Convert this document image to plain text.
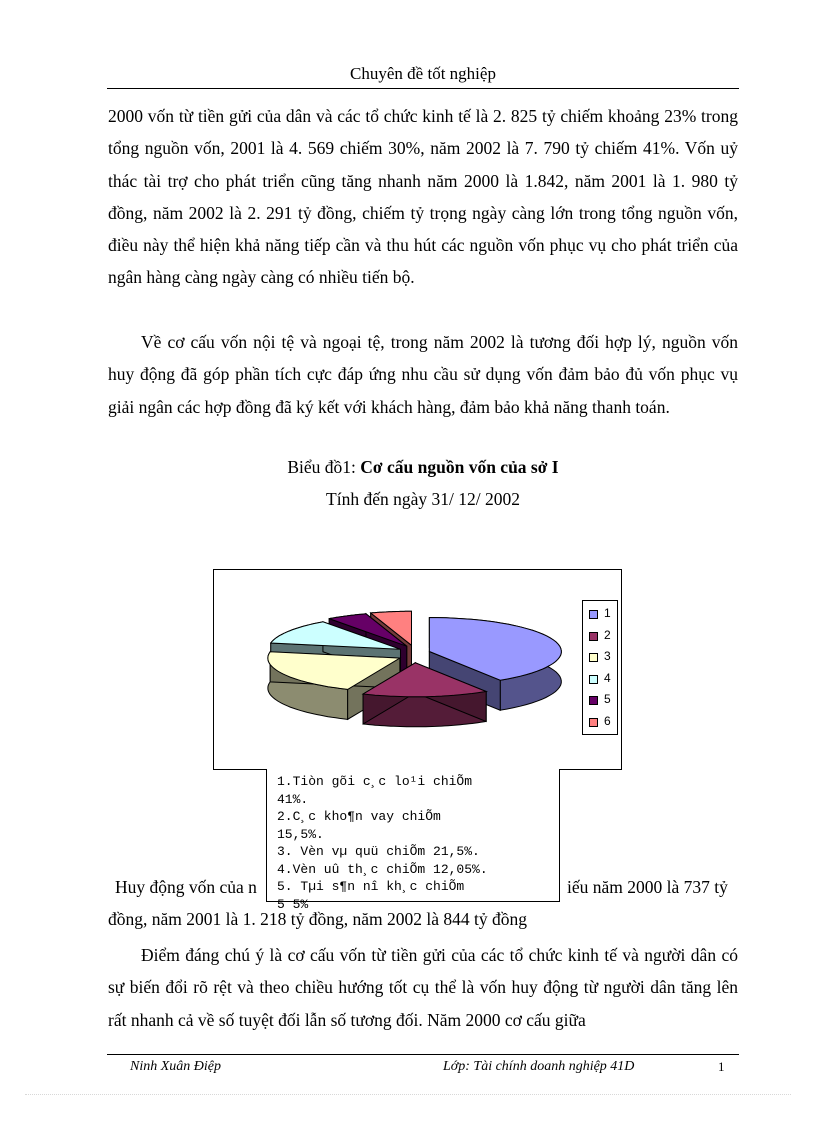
Chuyên đề tốt nghiệp

2000 vốn từ tiền gửi của dân và các tổ chức kinh tế là 2. 825 tỷ chiếm khoảng 23% trong tổng nguồn vốn, 2001 là 4. 569 chiếm 30%, năm 2002 là 7. 790 tỷ chiếm 41%. Vốn uỷ thác tài trợ cho phát triển cũng tăng nhanh năm 2000 là 1.842, năm 2001 là 1. 980 tỷ đồng, năm 2002 là 2. 291 tỷ đồng, chiếm tỷ trọng ngày càng lớn trong tổng nguồn vốn, điều này thể hiện khả năng tiếp cần và thu hút các nguồn vốn phục vụ cho phát triển của ngân hàng càng ngày càng có nhiều tiến bộ.

Về cơ cấu vốn nội tệ và ngoại tệ, trong năm 2002 là tương đối hợp lý, nguồn vốn huy động đã góp phần tích cực đáp ứng nhu cầu sử dụng vốn đảm bảo đủ vốn phục vụ giải ngân các hợp đồng đã ký kết với khách hàng, đảm bảo khả năng thanh toán.

Biểu đồ1: Cơ cấu nguồn vốn của sở I
Tính đến ngày 31/ 12/ 2002
1
2
3
4
5
6
1.Tiòn gõi c¸c lo¹i chiÕm
41%.
2.C¸c kho¶n vay chiÕm
15,5%.
3. Vèn vµ quü chiÕm 21,5%.
4.Vèn uû th¸c chiÕm 12,05%.
5. Tµi s¶n nî kh¸c chiÕm
5 5%
Huy động vốn của n	iếu năm 2000 là 737 tỷ
đồng, năm 2001 là 1. 218 tỷ đồng, năm 2002 là 844 tỷ đồng

Điểm đáng chú ý là cơ cấu vốn từ tiền gửi của các tổ chức kinh tế và người dân có sự biến đổi rõ rệt và theo chiều hướng tốt cụ thể là vốn huy động từ người dân tăng lên rất nhanh cả về số tuyệt đối lẫn số tương đối. Năm 2000 cơ cấu giữa

Ninh Xuân Điệp	Lớp: Tài chính doanh nghiệp 41D	1
